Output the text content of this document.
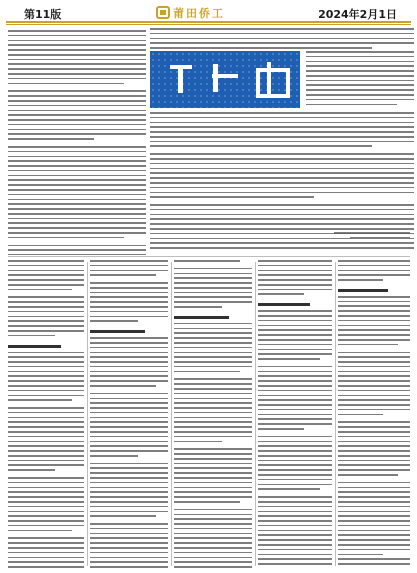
第11版	莆田侨工	2024年2月1日
